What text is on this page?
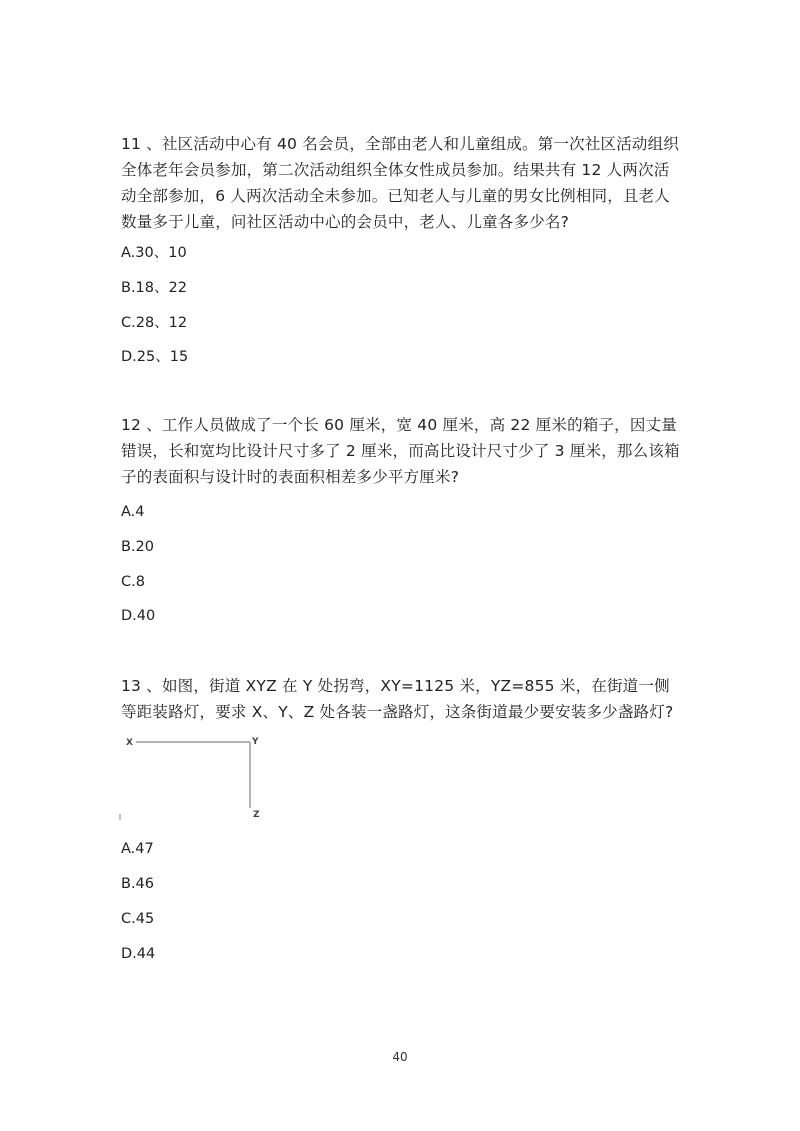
11 、社区活动中心有 40 名会员，全部由老人和儿童组成。第一次社区活动组织全体老年会员参加，第二次活动组织全体女性成员参加。结果共有 12 人两次活动全部参加，6 人两次活动全未参加。已知老人与儿童的男女比例相同，且老人数量多于儿童，问社区活动中心的会员中，老人、儿童各多少名?

A.30、10

B.18、22

C.28、12

D.25、15

12 、工作人员做成了一个长 60 厘米，宽 40 厘米，高 22 厘米的箱子，因丈量错误，长和宽均比设计尺寸多了 2 厘米，而高比设计尺寸少了 3 厘米，那么该箱子的表面积与设计时的表面积相差多少平方厘米?

A.4

B.20

C.8

D.40

13 、如图，街道 XYZ 在 Y 处拐弯，XY=1125 米，YZ=855 米，在街道一侧等距装路灯，要求 X、Y、Z 处各装一盏路灯，这条街道最少要安装多少盏路灯?

X	Y
Z

A.47

B.46

C.45

D.44

40
